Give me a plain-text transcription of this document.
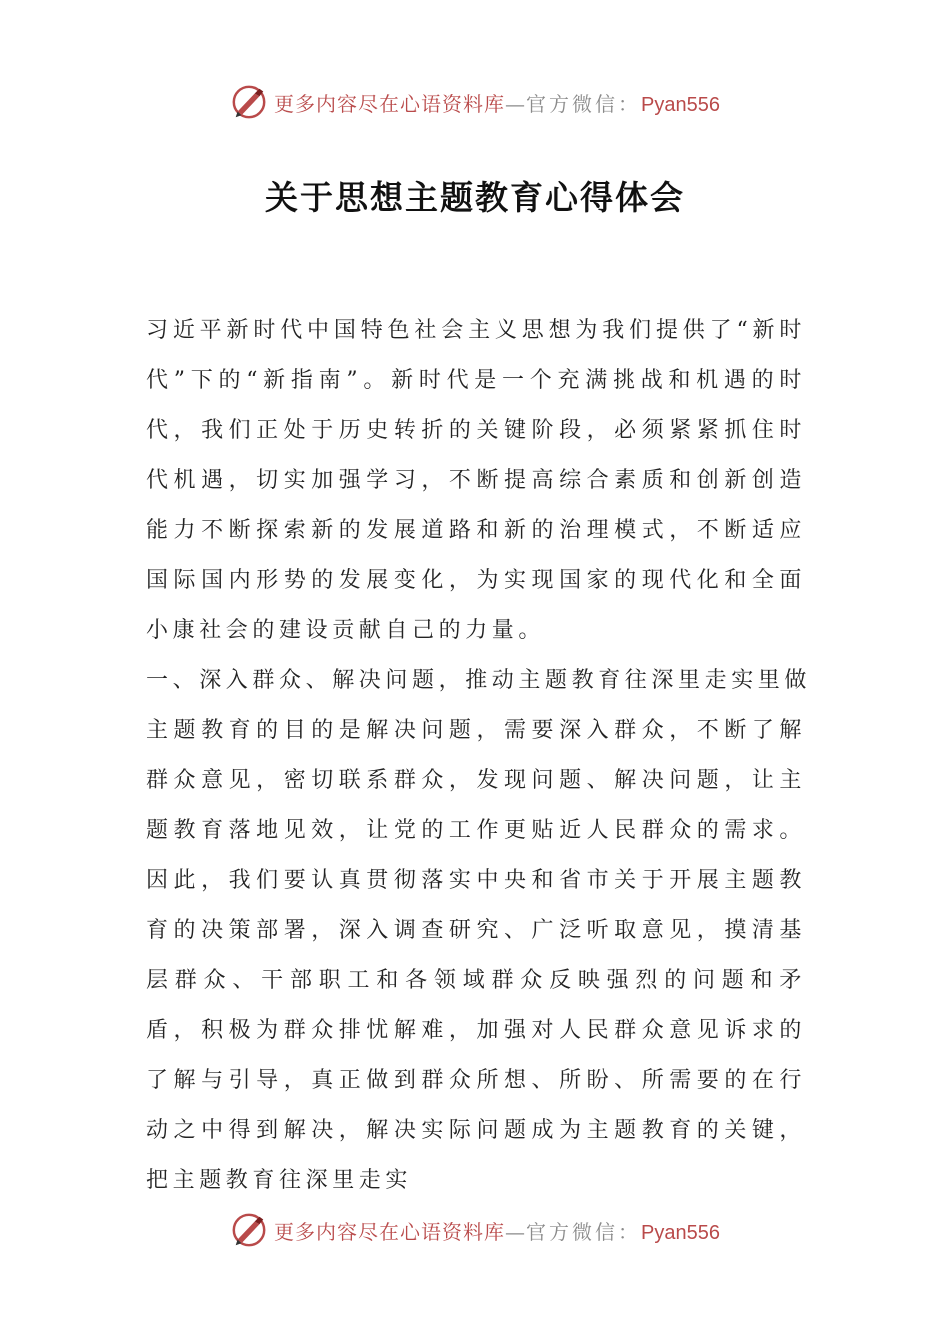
更多内容尽在心语资料库—官方微信：Pyan556
关于思想主题教育心得体会

习近平新时代中国特色社会主义思想为我们提供了“新时代”下的“新指南”。新时代是一个充满挑战和机遇的时代，我们正处于历史转折的关键阶段，必须紧紧抓住时代机遇，切实加强学习，不断提高综合素质和创新创造能力不断探索新的发展道路和新的治理模式，不断适应国际国内形势的发展变化，为实现国家的现代化和全面小康社会的建设贡献自己的力量。

一、深入群众、解决问题，推动主题教育往深里走实里做

主题教育的目的是解决问题，需要深入群众，不断了解群众意见，密切联系群众，发现问题、解决问题，让主题教育落地见效，让党的工作更贴近人民群众的需求。因此，我们要认真贯彻落实中央和省市关于开展主题教育的决策部署，深入调查研究、广泛听取意见，摸清基层群众、干部职工和各领域群众反映强烈的问题和矛盾，积极为群众排忧解难，加强对人民群众意见诉求的了解与引导，真正做到群众所想、所盼、所需要的在行动之中得到解决，解决实际问题成为主题教育的关键，把主题教育往深里走实

更多内容尽在心语资料库—官方微信：Pyan556
